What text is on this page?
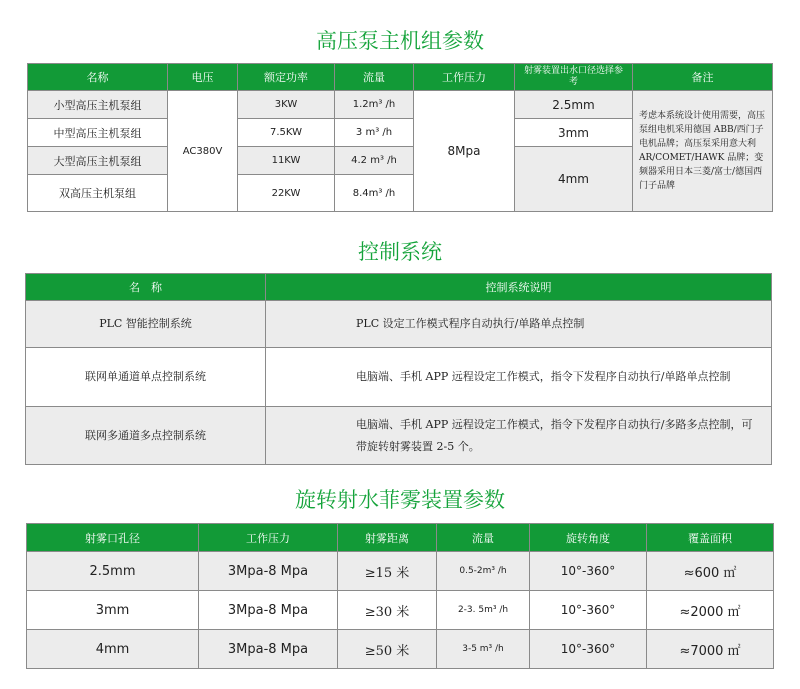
高压泵主机组参数
名称	电压	额定功率	流量	工作压力	射雾装置出水口径选择参考	备注
小型高压主机泵组	AC380V	3KW	1.2m³ /h	8Mpa	2.5mm	考虑本系统设计使用需要，高压泵组电机采用德国 ABB/西门子电机品牌；高压泵采用意大利AR/COMET/HAWK 品牌；变频器采用日本三菱/富士/德国西门子品牌
中型高压主机泵组		7.5KW	3 m³ /h		3mm	
大型高压主机泵组		11KW	4.2 m³ /h		4mm	
双高压主机泵组		22KW	8.4m³ /h			
控制系统
名　称	控制系统说明
PLC 智能控制系统	PLC 设定工作模式程序自动执行/单路单点控制
联网单通道单点控制系统	电脑端、手机 APP 远程设定工作模式，指令下发程序自动执行/单路单点控制
联网多通道多点控制系统	电脑端、手机 APP 远程设定工作模式，指令下发程序自动执行/多路多点控制，可带旋转射雾装置 2-5 个。
旋转射水菲雾装置参数
射雾口孔径	工作压力	射雾距离	流量	旋转角度	覆盖面积
2.5mm	3Mpa-8 Mpa	≥15 米	0.5-2m³ /h	10°-360°	≈600 ㎡
3mm	3Mpa-8 Mpa	≥30 米	2-3. 5m³ /h	10°-360°	≈2000 ㎡
4mm	3Mpa-8 Mpa	≥50 米	3-5 m³ /h	10°-360°	≈7000 ㎡
